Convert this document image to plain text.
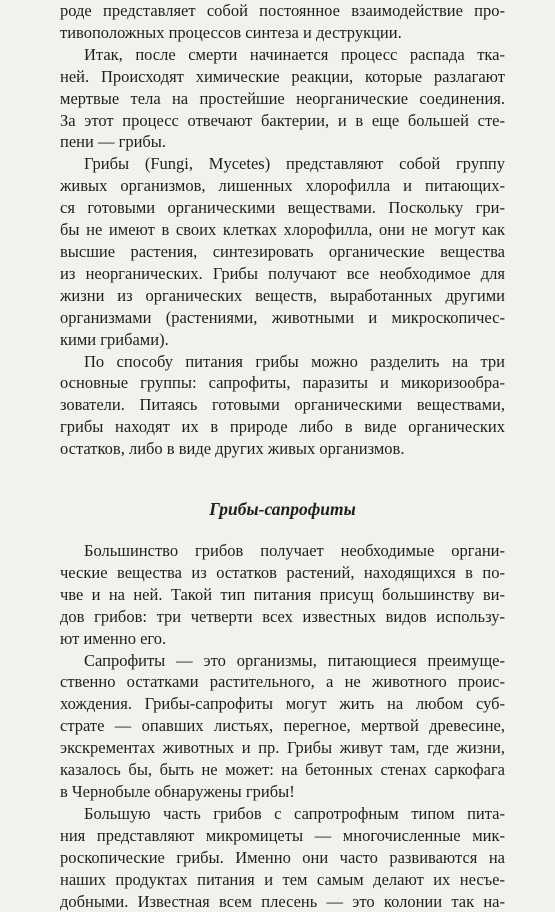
роде представляет собой постоянное взаимодействие про-
тивоположных процессов синтеза и деструкции.
Итак, после смерти начинается процесс распада тка-
ней. Происходят химические реакции, которые разлагают
мертвые тела на простейшие неорганические соединения.
За этот процесс отвечают бактерии, и в еще большей сте-
пени — грибы.
Грибы (Fungi, Mycetes) представляют собой группу
живых организмов, лишенных хлорофилла и питающих-
ся готовыми органическими веществами. Поскольку гри-
бы не имеют в своих клетках хлорофилла, они не могут как
высшие растения, синтезировать органические вещества
из неорганических. Грибы получают все необходимое для
жизни из органических веществ, выработанных другими
организмами (растениями, животными и микроскопичес-
кими грибами).
По способу питания грибы можно разделить на три
основные группы: сапрофиты, паразиты и микоризообра-
зователи. Питаясь готовыми органическими веществами,
грибы находят их в природе либо в виде органических
остатков, либо в виде других живых организмов.
Грибы-сапрофиты
Большинство грибов получает необходимые органи-
ческие вещества из остатков растений, находящихся в по-
чве и на ней. Такой тип питания присущ большинству ви-
дов грибов: три четверти всех известных видов использу-
ют именно его.
Сапрофиты — это организмы, питающиеся преимуще-
ственно остатками растительного, а не животного проис-
хождения. Грибы-сапрофиты могут жить на любом суб-
страте — опавших листьях, перегное, мертвой древесине,
экскрементах животных и пр. Грибы живут там, где жизни,
казалось бы, быть не может: на бетонных стенах саркофага
в Чернобыле обнаружены грибы!
Большую часть грибов с сапротрофным типом пита-
ния представляют микромицеты — многочисленные мик-
роскопические грибы. Именно они часто развиваются на
наших продуктах питания и тем самым делают их несъе-
добными. Известная всем плесень — это колонии так на-
